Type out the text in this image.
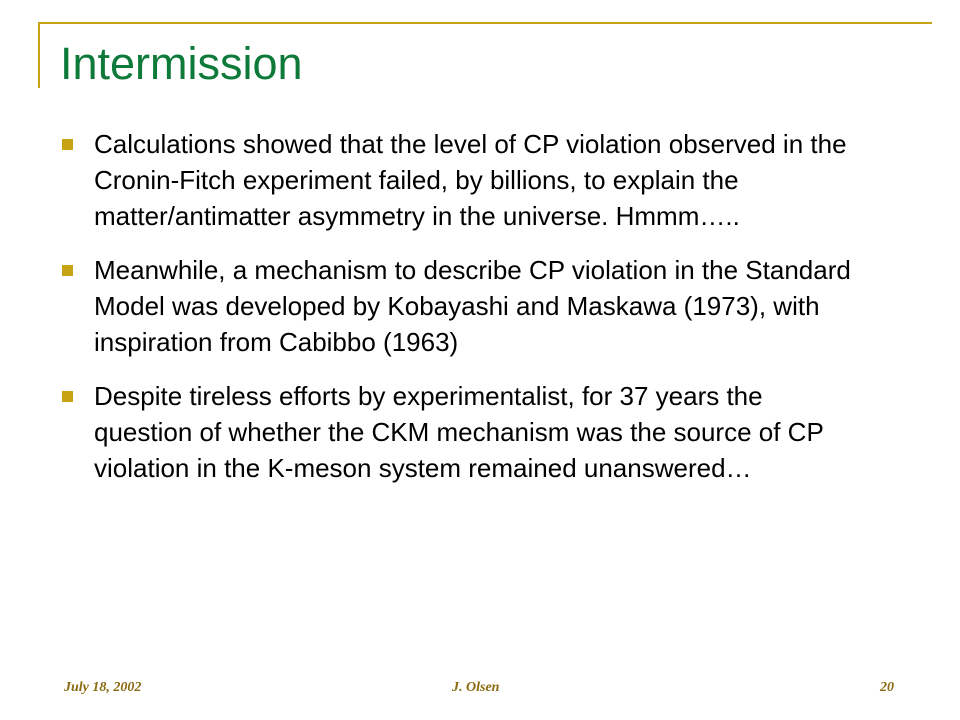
Intermission
Calculations showed that the level of CP violation observed in the Cronin-Fitch experiment failed, by billions, to explain the matter/antimatter asymmetry in the universe. Hmmm…..
Meanwhile, a mechanism to describe CP violation in the Standard Model was developed by Kobayashi and Maskawa (1973), with inspiration from Cabibbo (1963)
Despite tireless efforts by experimentalist, for 37 years the question of whether the CKM mechanism was the source of CP violation in the K-meson system remained unanswered…
July 18, 2002	J. Olsen	20
